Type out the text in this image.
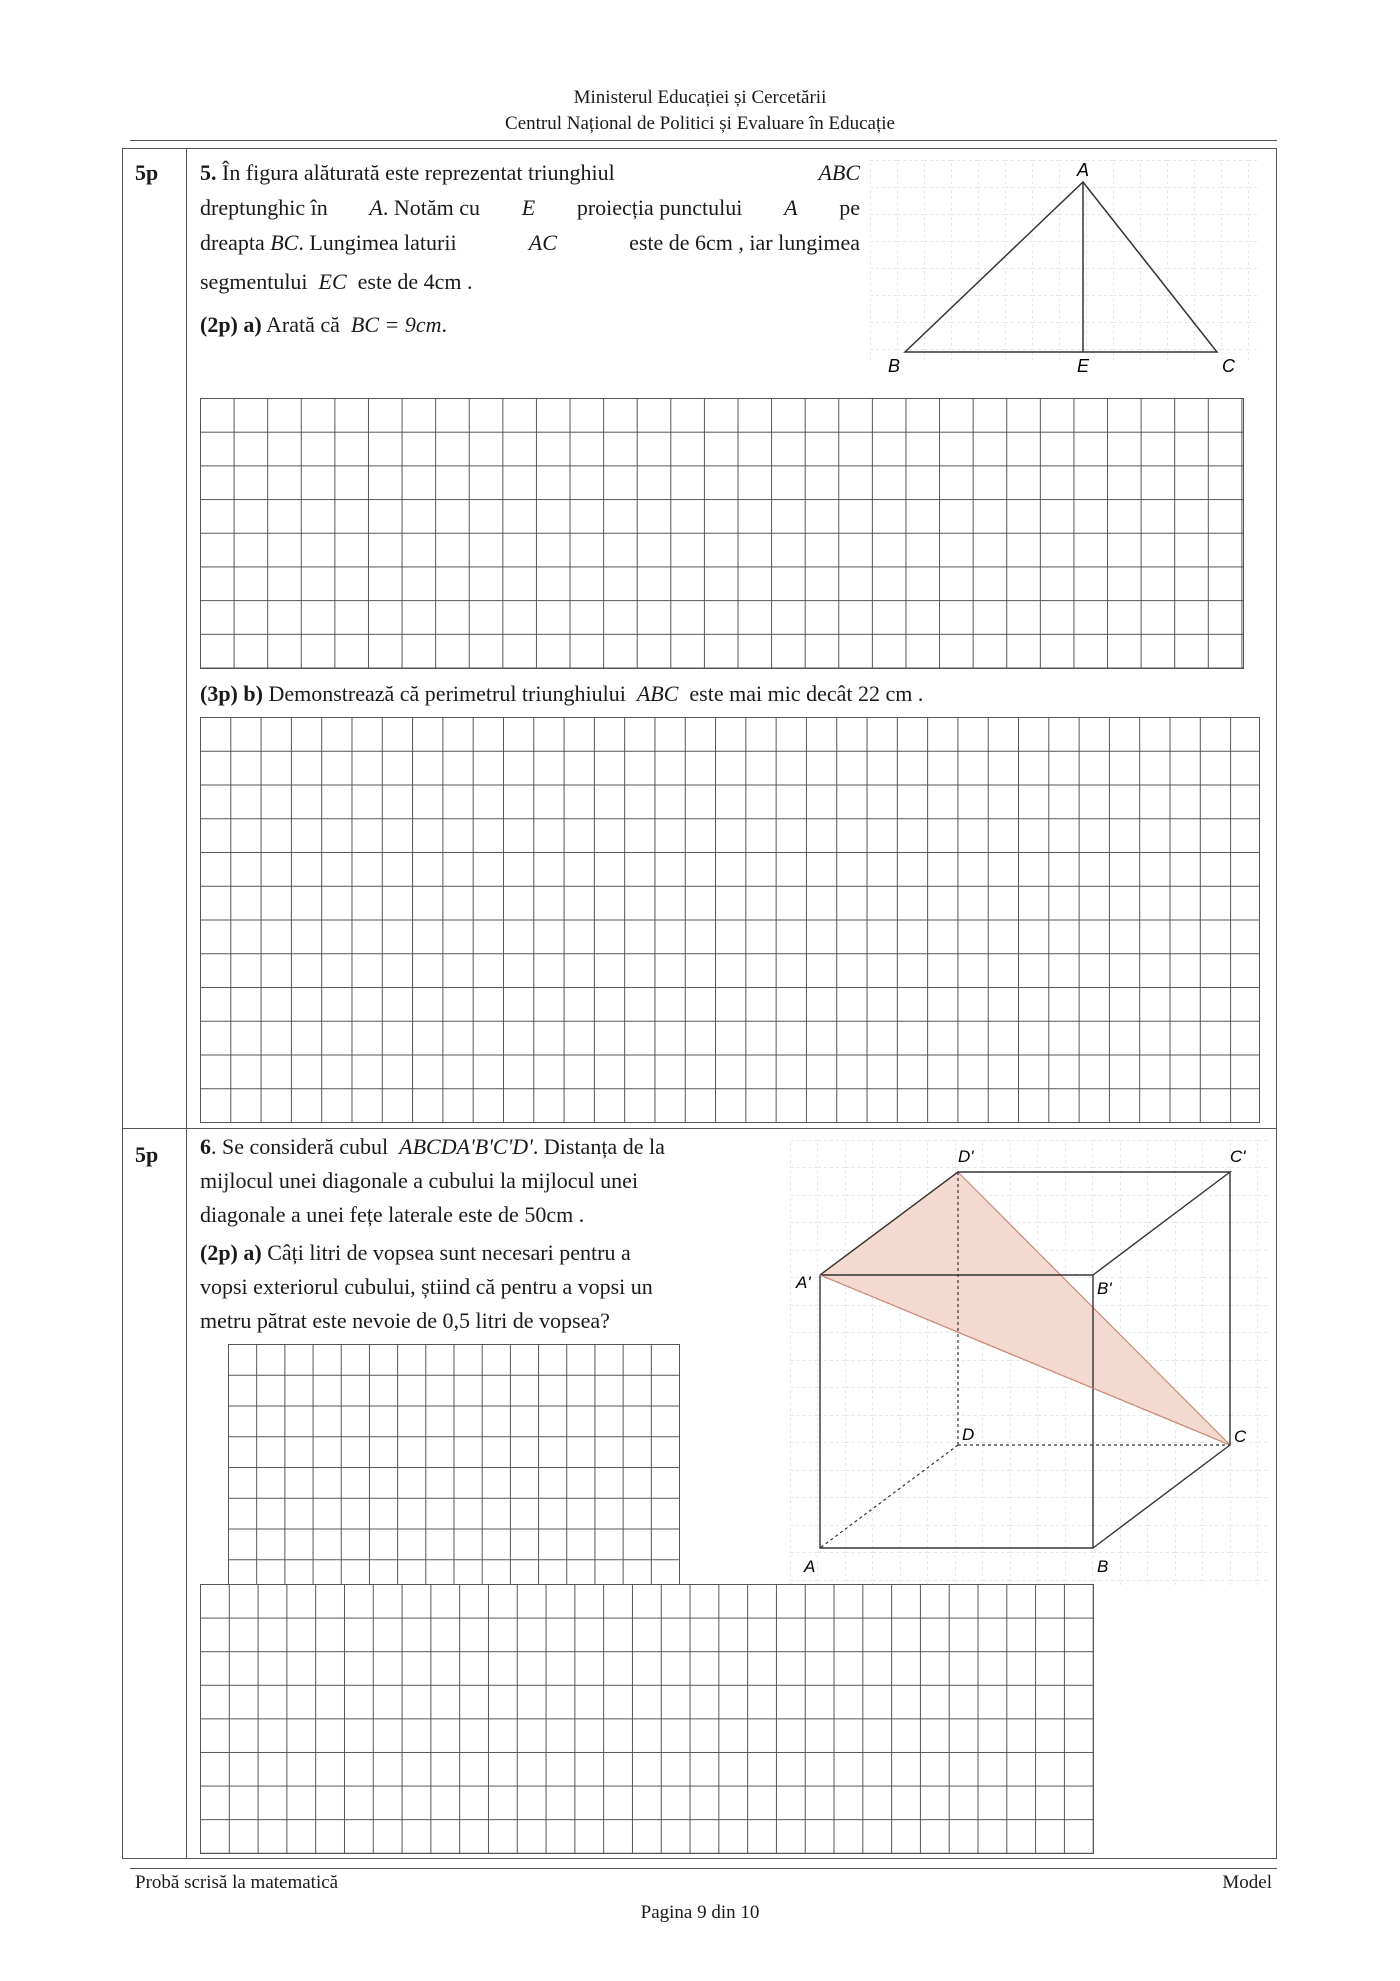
Ministerul Educației și Cercetării
Centrul Național de Politici și Evaluare în Educație
5p 5. În figura alăturată este reprezentat triunghiul	ABC
dreptunghic în A. Notăm cu E proiecția punctului A pe
dreapta BC. Lungimea laturii	AC	este de 6cm , iar lungimea
segmentului EC este de 4cm .
(2p) a) Arată că BC = 9cm.
A
B	E	C
(3p) b) Demonstrează că perimetrul triunghiului ABC este mai mic decât 22 cm .
5p 6. Se consideră cubul ABCDA'B'C'D'. Distanța de la
mijlocul unei diagonale a cubului la mijlocul unei
diagonale a unei fețe laterale este de 50cm .
(2p) a) Câți litri de vopsea sunt necesari pentru a
vopsi exteriorul cubului, știind că pentru a vopsi un
metru pătrat este nevoie de 0,5 litri de vopsea?
D'	C'
A'	B'
D	C
A	B
Probă scrisă la matematică	Model
Pagina 9 din 10
